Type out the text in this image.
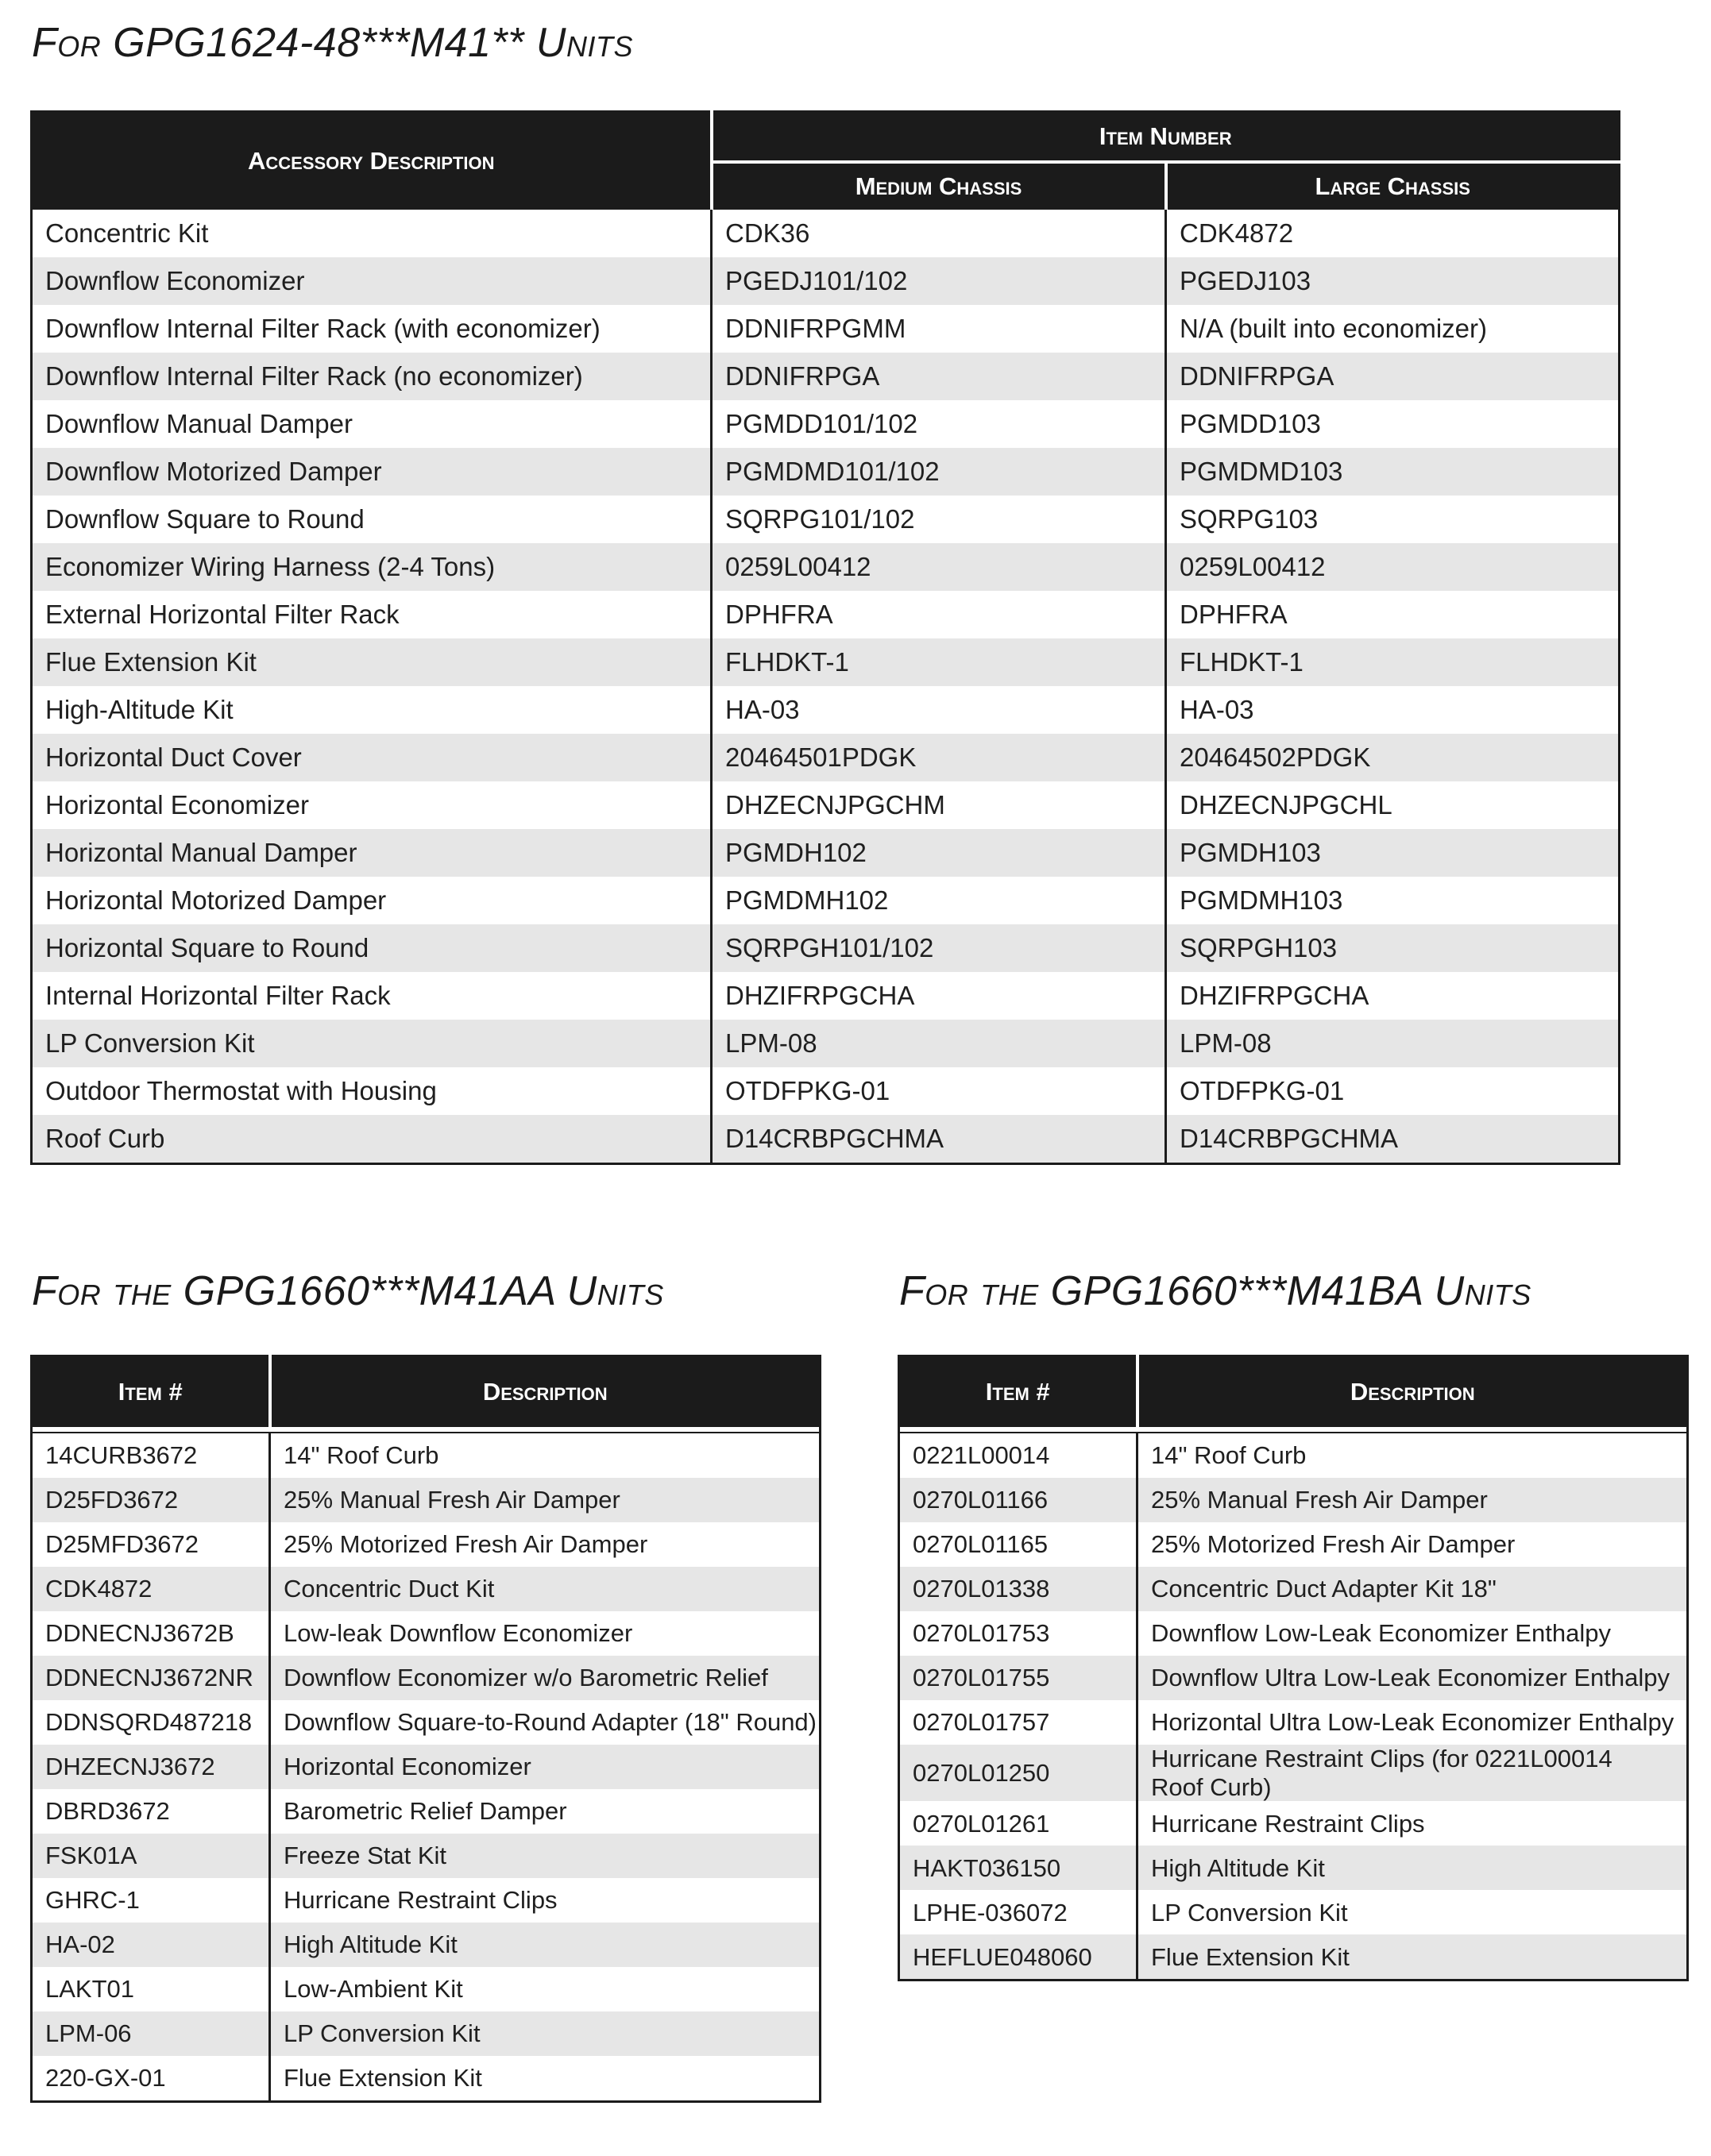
For GPG1624-48***M41** Units
Accessory Description	Item Number	
	Medium Chassis	Large Chassis
Concentric Kit	CDK36	CDK4872
Downflow Economizer	PGEDJ101/102	PGEDJ103
Downflow Internal Filter Rack (with economizer)	DDNIFRPGMM	N/A (built into economizer)
Downflow Internal Filter Rack (no economizer)	DDNIFRPGA	DDNIFRPGA
Downflow Manual Damper	PGMDD101/102	PGMDD103
Downflow Motorized Damper	PGMDMD101/102	PGMDMD103
Downflow Square to Round	SQRPG101/102	SQRPG103
Economizer Wiring Harness (2-4 Tons)	0259L00412	0259L00412
External Horizontal Filter Rack	DPHFRA	DPHFRA
Flue Extension Kit	FLHDKT-1	FLHDKT-1
High-Altitude Kit	HA-03	HA-03
Horizontal Duct Cover	20464501PDGK	20464502PDGK
Horizontal Economizer	DHZECNJPGCHM	DHZECNJPGCHL
Horizontal Manual Damper	PGMDH102	PGMDH103
Horizontal Motorized Damper	PGMDMH102	PGMDMH103
Horizontal Square to Round	SQRPGH101/102	SQRPGH103
Internal Horizontal Filter Rack	DHZIFRPGCHA	DHZIFRPGCHA
LP Conversion Kit	LPM-08	LPM-08
Outdoor Thermostat with Housing	OTDFPKG-01	OTDFPKG-01
Roof Curb	D14CRBPGCHMA	D14CRBPGCHMA
For the GPG1660***M41AA Units	For the GPG1660***M41BA Units
Item #	Description

14CURB3672	14" Roof Curb
D25FD3672	25% Manual Fresh Air Damper
D25MFD3672	25% Motorized Fresh Air Damper
CDK4872	Concentric Duct Kit
DDNECNJ3672B	Low-leak Downflow Economizer
DDNECNJ3672NR	Downflow Economizer w/o Barometric Relief
DDNSQRD487218	Downflow Square-to-Round Adapter (18" Round)
DHZECNJ3672	Horizontal Economizer
DBRD3672	Barometric Relief Damper
FSK01A	Freeze Stat Kit
GHRC-1	Hurricane Restraint Clips
HA-02	High Altitude Kit
LAKT01	Low-Ambient Kit
LPM-06	LP Conversion Kit
220-GX-01	Flue Extension Kit
Item #	Description

0221L00014	14" Roof Curb
0270L01166	25% Manual Fresh Air Damper
0270L01165	25% Motorized Fresh Air Damper
0270L01338	Concentric Duct Adapter Kit 18"
0270L01753	Downflow Low-Leak Economizer Enthalpy
0270L01755	Downflow Ultra Low-Leak Economizer Enthalpy
0270L01757	Horizontal Ultra Low-Leak Economizer Enthalpy
0270L01250	Hurricane Restraint Clips (for 0221L00014 Roof Curb)
0270L01261	Hurricane Restraint Clips
HAKT036150	High Altitude Kit
LPHE-036072	LP Conversion Kit
HEFLUE048060	Flue Extension Kit
